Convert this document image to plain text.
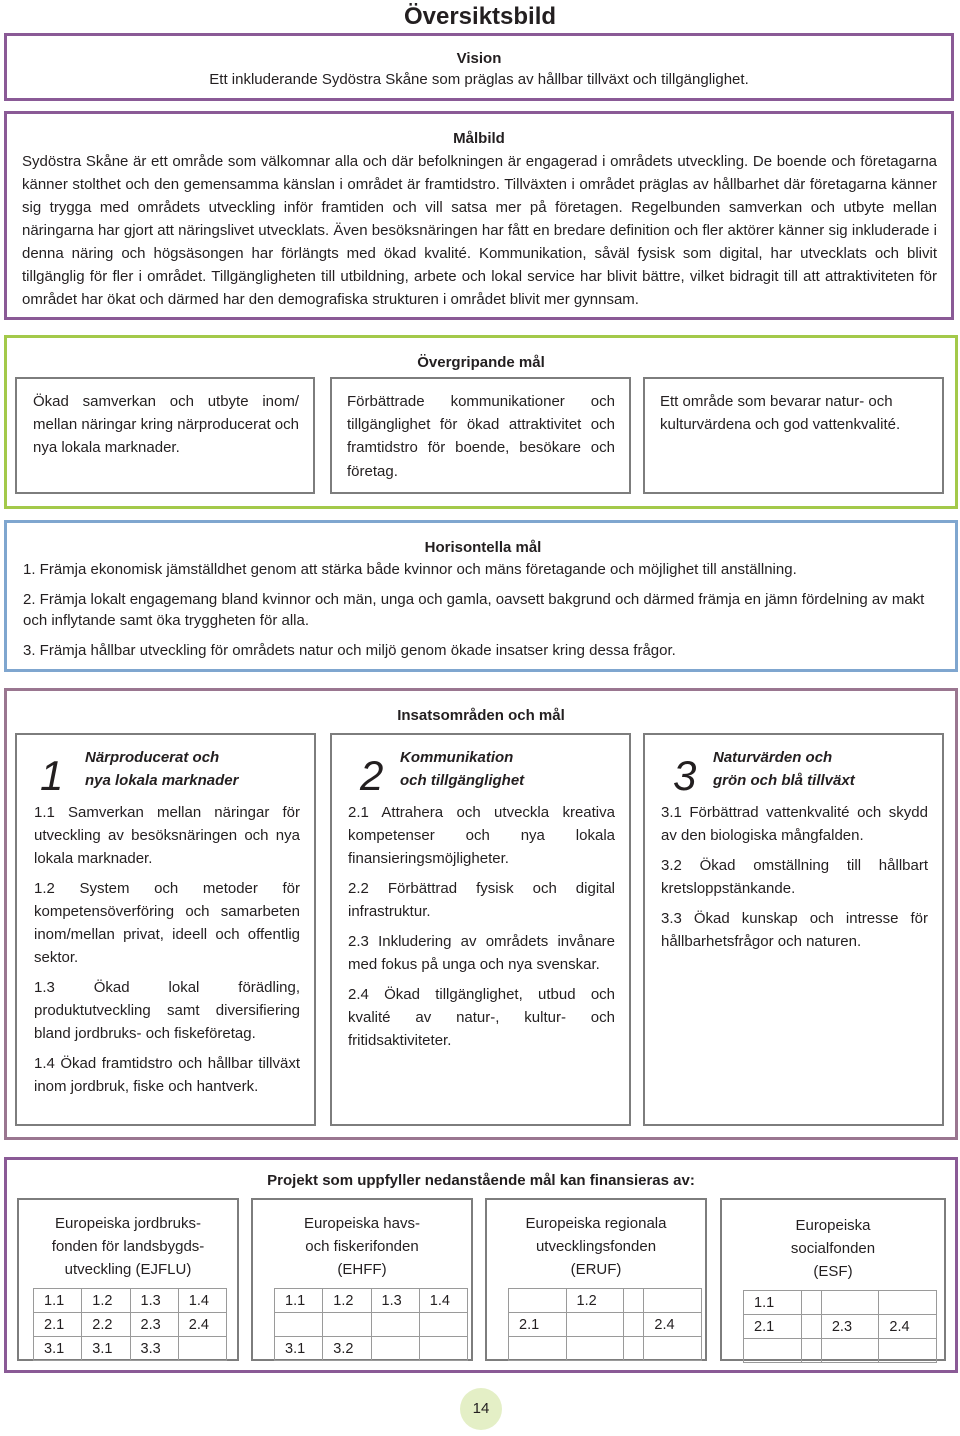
Översiktsbild
Vision
Ett inkluderande Sydöstra Skåne som präglas av hållbar tillväxt och tillgänglighet.
Målbild
Sydöstra Skåne är ett område som välkomnar alla och där befolkningen är engagerad i områdets utveckling. De boende och företagarna känner stolthet och den gemensamma känslan i området är framtidstro. Tillväxten i området präglas av hållbarhet där företagarna känner sig trygga med områdets utveckling inför framtiden och vill satsa mer på företagen. Regelbunden samverkan och utbyte mellan näringarna har gjort att näringslivet utvecklats. Även besöksnäringen har fått en bredare definition och fler aktörer känner sig inkluderade i denna näring och högsäsongen har förlängts med ökad kvalité. Kommunikation, såväl fysisk som digital, har utvecklats och blivit tillgänglig för fler i området. Tillgängligheten till utbildning, arbete och lokal service har blivit bättre, vilket bidragit till att attraktiviteten för området har ökat och därmed har den demografiska strukturen i området blivit mer gynnsam.
Övergripande mål
Ökad samverkan och utbyte inom/ mellan näringar kring närproducerat och nya lokala marknader.
Förbättrade kommunikationer och tillgänglighet för ökad attraktivitet och framtidstro för boende, besökare och företag.
Ett område som bevarar natur- och kulturvärdena och god vattenkvalité.
Horisontella mål
1. Främja ekonomisk jämställdhet genom att stärka både kvinnor och mäns företagande och möjlighet till anställning.
2. Främja lokalt engagemang bland kvinnor och män, unga och gamla, oavsett bakgrund och därmed främja en jämn fördelning av makt och inflytande samt öka tryggheten för alla.
3. Främja hållbar utveckling för områdets natur och miljö genom ökade insatser kring dessa frågor.
Insatsområden och mål
1 Närproducerat och
nya lokala marknader

1.1 Samverkan mellan näringar för utveckling av besöksnäringen och nya lokala marknader.

1.2 System och metoder för kompetensöverföring och samarbeten inom/mellan privat, ideell och offentlig sektor.

1.3 Ökad lokal förädling, produktutveckling samt diversifiering bland jordbruks- och fiskeföretag.

1.4 Ökad framtidstro och hållbar tillväxt inom jordbruk, fiske och hantverk.

2 Kommunikation
och tillgänglighet

2.1 Attrahera och utveckla kreativa kompetenser och nya lokala finansieringsmöjligheter.

2.2 Förbättrad fysisk och digital infrastruktur.

2.3 Inkludering av områdets invånare med fokus på unga och nya svenskar.

2.4 Ökad tillgänglighet, utbud och kvalité av natur-, kultur- och fritidsaktiviteter.

3 Naturvärden och
grön och blå tillväxt

3.1 Förbättrad vattenkvalité och skydd av den biologiska mångfalden.

3.2 Ökad omställning till hållbart kretsloppstänkande.

3.3 Ökad kunskap och intresse för hållbarhetsfrågor och naturen.

Projekt som uppfyller nedanstående mål kan finansieras av:
Europeiska jordbruks-
fonden för landsbygds-
utveckling (EJFLU)
1.1	1.2	1.3	1.4
2.1	2.2	2.3	2.4
3.1	3.1	3.3	
Europeiska havs-
och fiskerifonden
(EHFF)
1.1	1.2	1.3	1.4

3.1	3.2		
Europeiska regionala
utvecklingsfonden
(ERUF)
	1.2		
2.1			2.4

Europeiska
socialfonden
(ESF)
1.1			
2.1		2.3	2.4

14
